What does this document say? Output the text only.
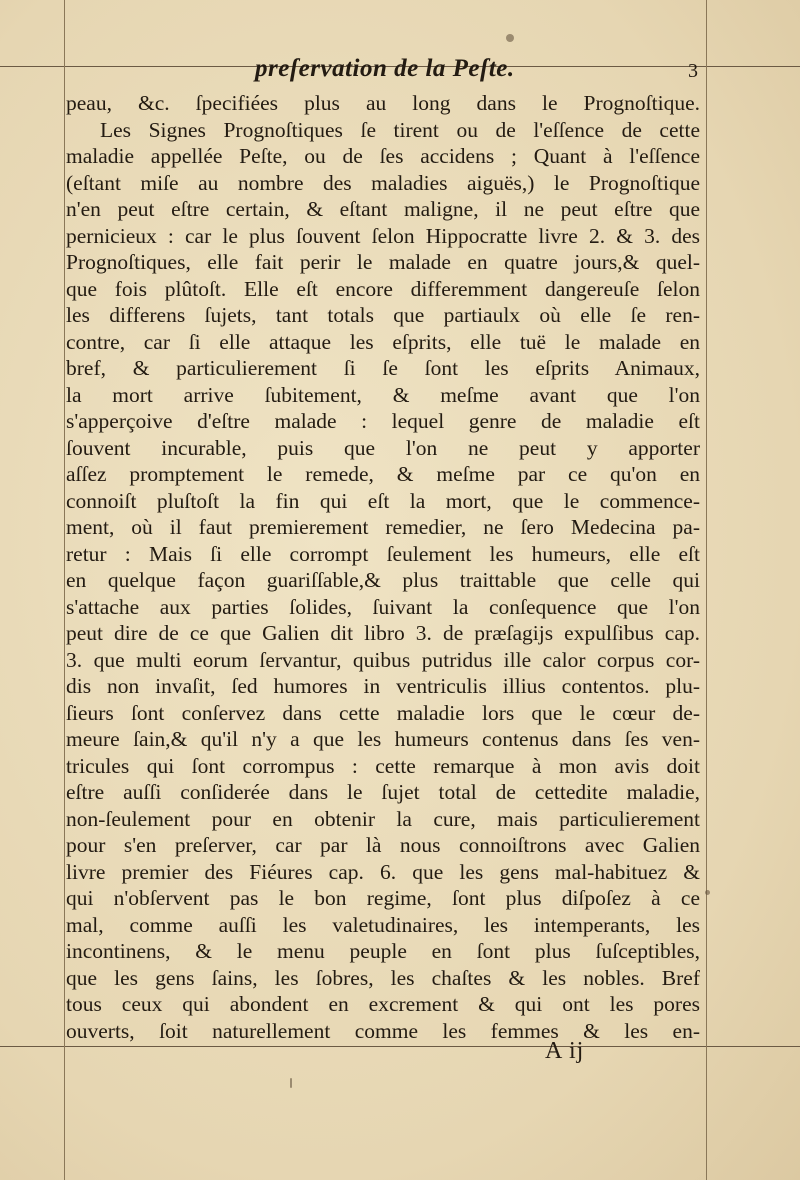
preſervation de la Peſte.	3
peau, &c. ſpecifiées plus au long dans le Prognoſtique.
Les Signes Prognoſtiques ſe tirent ou de l'eſſence de cette
maladie appellée Peſte, ou de ſes accidens ; Quant à l'eſſence
(eſtant miſe au nombre des maladies aiguës,) le Prognoſtique
n'en peut eſtre certain, & eſtant maligne, il ne peut eſtre que
pernicieux : car le plus ſouvent ſelon Hippocratte livre 2. & 3. des
Prognoſtiques, elle fait perir le malade en quatre jours,& quel-
que fois plûtoſt. Elle eſt encore differemment dangereuſe ſelon
les differens ſujets, tant totals que partiaulx où elle ſe ren-
contre, car ſi elle attaque les eſprits, elle tuë le malade en
bref, & particulierement ſi ſe ſont les eſprits Animaux,
la mort arrive ſubitement, & meſme avant que l'on
s'apperçoive d'eſtre malade : lequel genre de maladie eſt
ſouvent incurable, puis que l'on ne peut y apporter
aſſez promptement le remede, & meſme par ce qu'on en
connoiſt pluſtoſt la fin qui eſt la mort, que le commence-
ment, où il faut premierement remedier, ne ſero Medecina pa-
retur : Mais ſi elle corrompt ſeulement les humeurs, elle eſt
en quelque façon guariſſable,& plus traittable que celle qui
s'attache aux parties ſolides, ſuivant la conſequence que l'on
peut dire de ce que Galien dit libro 3. de præſagijs expulſibus cap.
3. que multi eorum ſervantur, quibus putridus ille calor corpus cor-
dis non invaſit, ſed humores in ventriculis illius contentos. plu-
ſieurs ſont conſervez dans cette maladie lors que le cœur de-
meure ſain,& qu'il n'y a que les humeurs contenus dans ſes ven-
tricules qui ſont corrompus : cette remarque à mon avis doit
eſtre auſſi conſiderée dans le ſujet total de cettedite maladie,
non-ſeulement pour en obtenir la cure, mais particulierement
pour s'en preſerver, car par là nous connoiſtrons avec Galien
livre premier des Fiéures cap. 6. que les gens mal-habituez &
qui n'obſervent pas le bon regime, ſont plus diſpoſez à ce
mal, comme auſſi les valetudinaires, les intemperants, les
incontinens, & le menu peuple en ſont plus ſuſceptibles,
que les gens ſains, les ſobres, les chaſtes & les nobles. Bref
tous ceux qui abondent en excrement & qui ont les pores
ouverts, ſoit naturellement comme les femmes & les en-
A ij
